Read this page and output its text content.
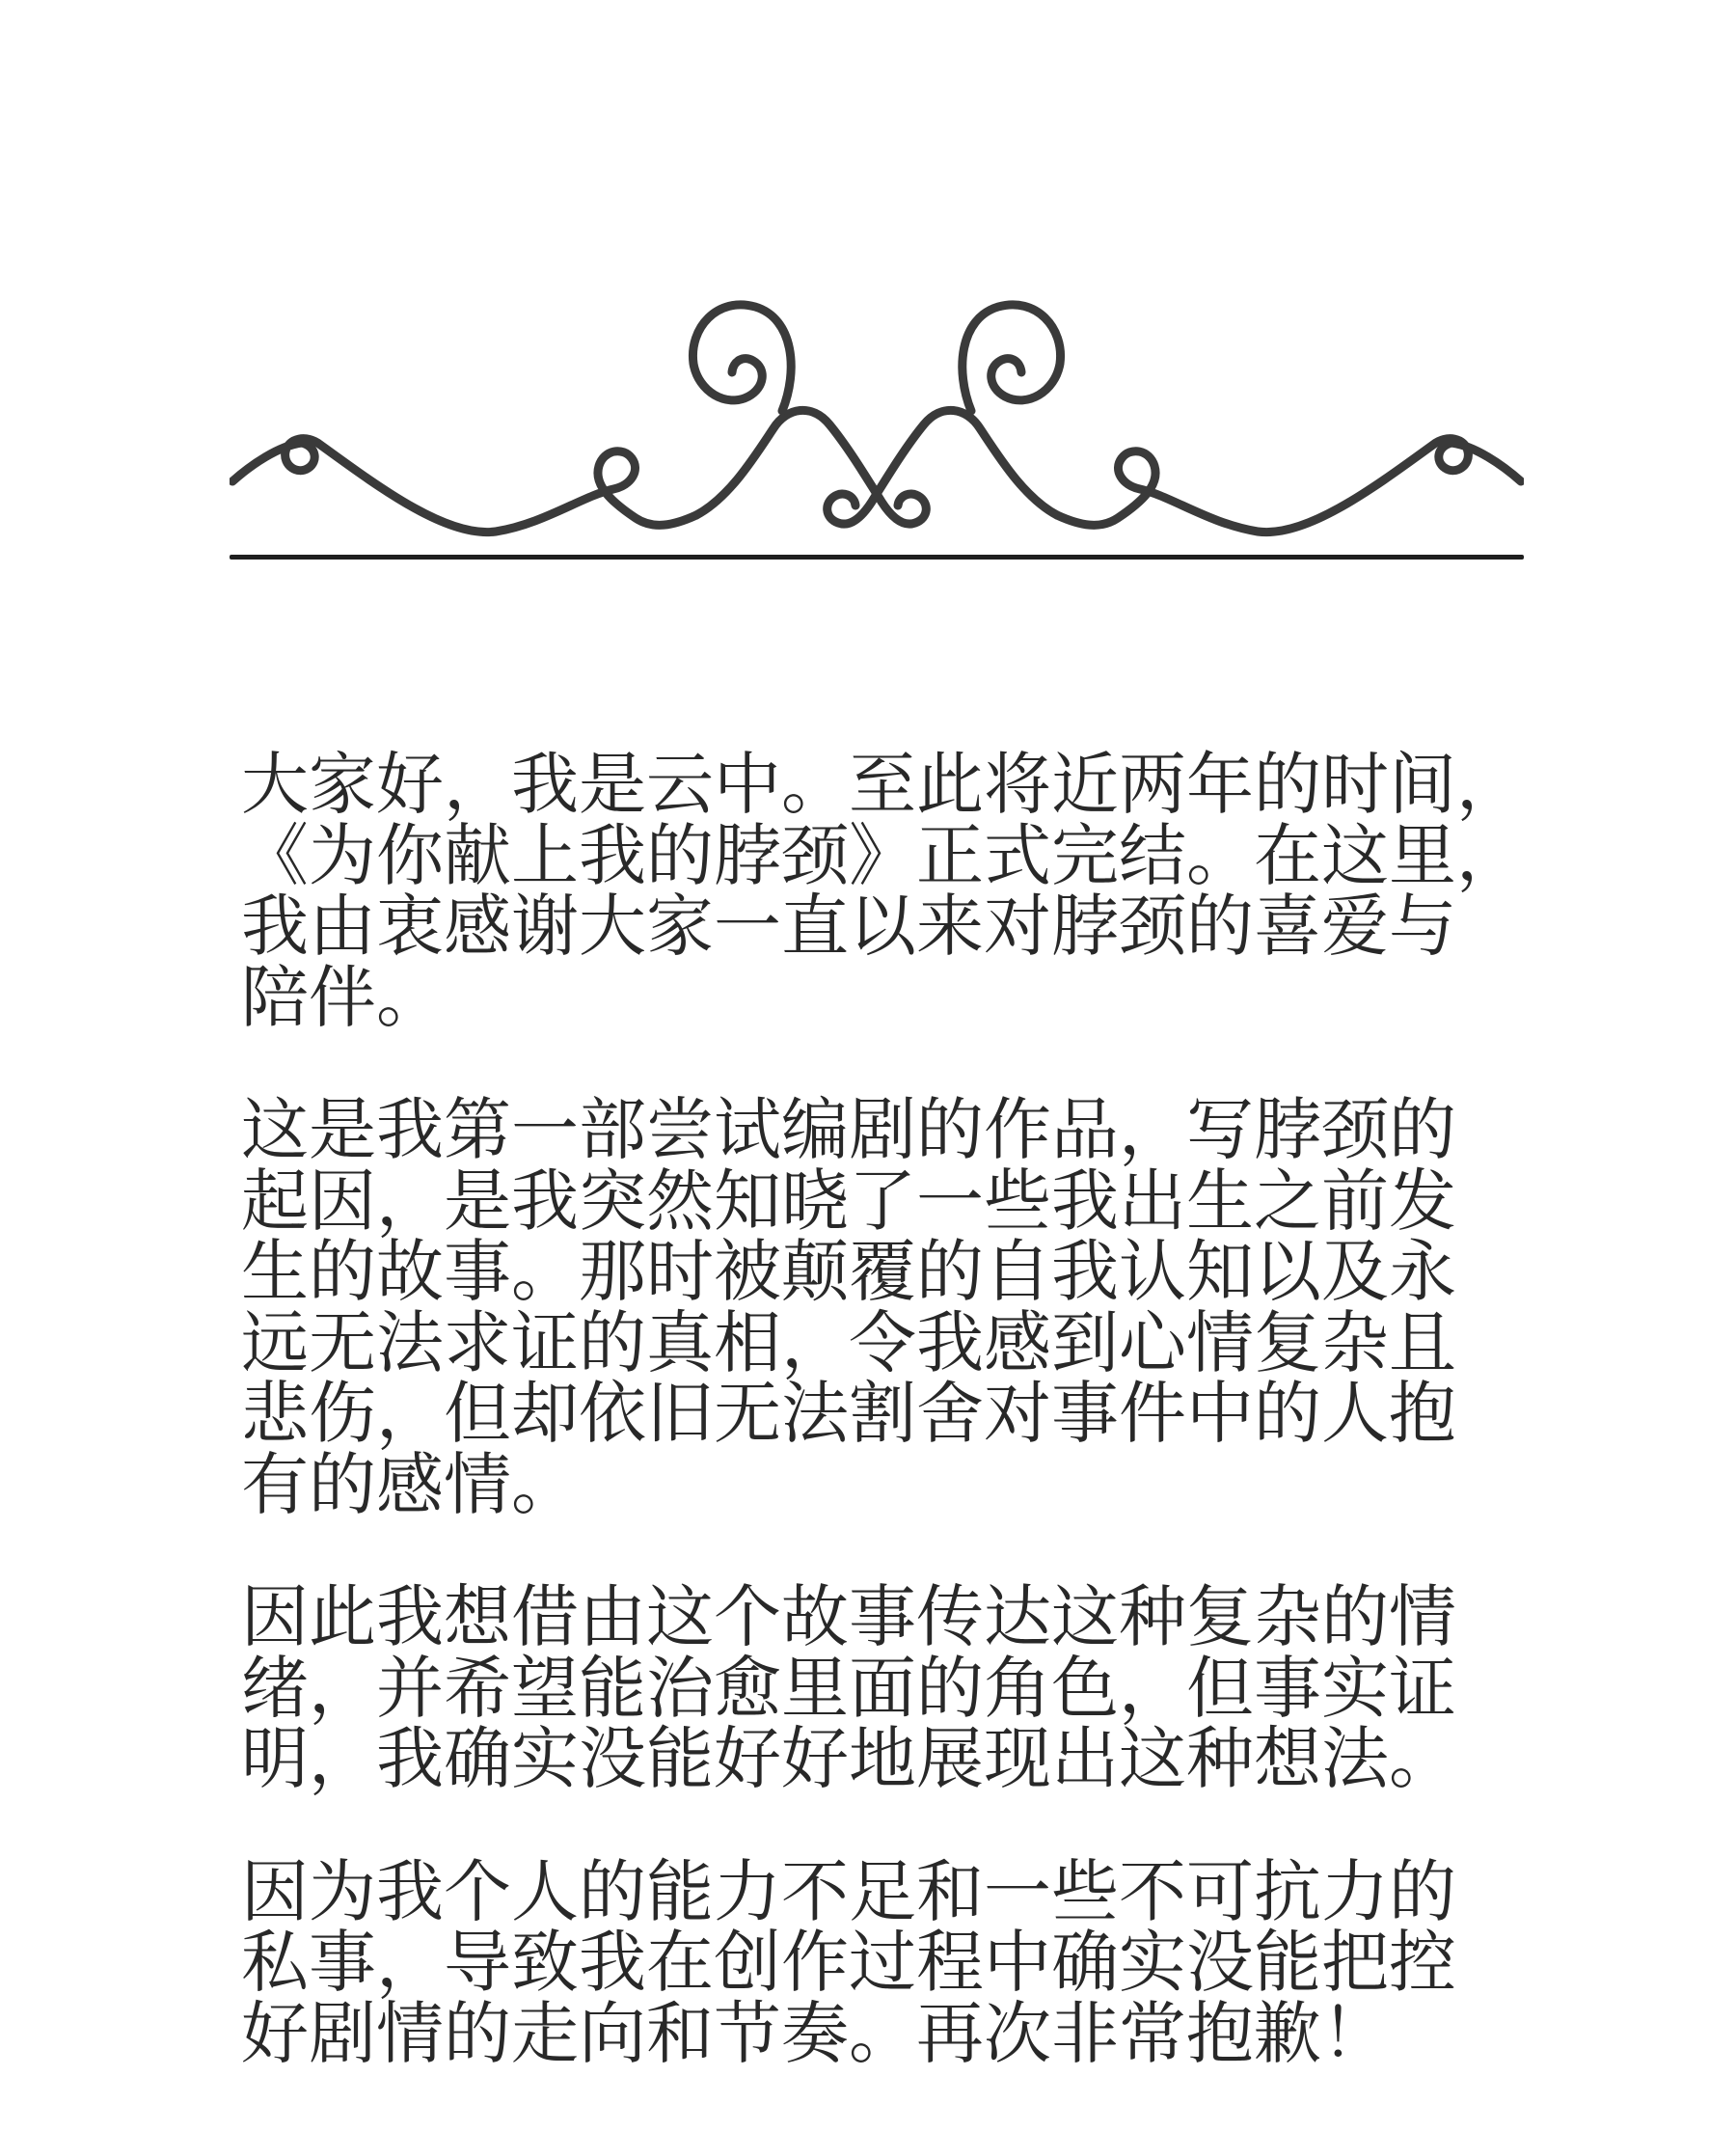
大家好，我是云中。至此将近两年的时间，
《为你献上我的脖颈》正式完结。在这里，
我由衷感谢大家一直以来对脖颈的喜爱与
陪伴。
这是我第一部尝试编剧的作品，写脖颈的
起因，是我突然知晓了一些我出生之前发
生的故事。那时被颠覆的自我认知以及永
远无法求证的真相，令我感到心情复杂且
悲伤，但却依旧无法割舍对事件中的人抱
有的感情。
因此我想借由这个故事传达这种复杂的情
绪，并希望能治愈里面的角色，但事实证
明，我确实没能好好地展现出这种想法。
因为我个人的能力不足和一些不可抗力的
私事，导致我在创作过程中确实没能把控
好剧情的走向和节奏。再次非常抱歉！
